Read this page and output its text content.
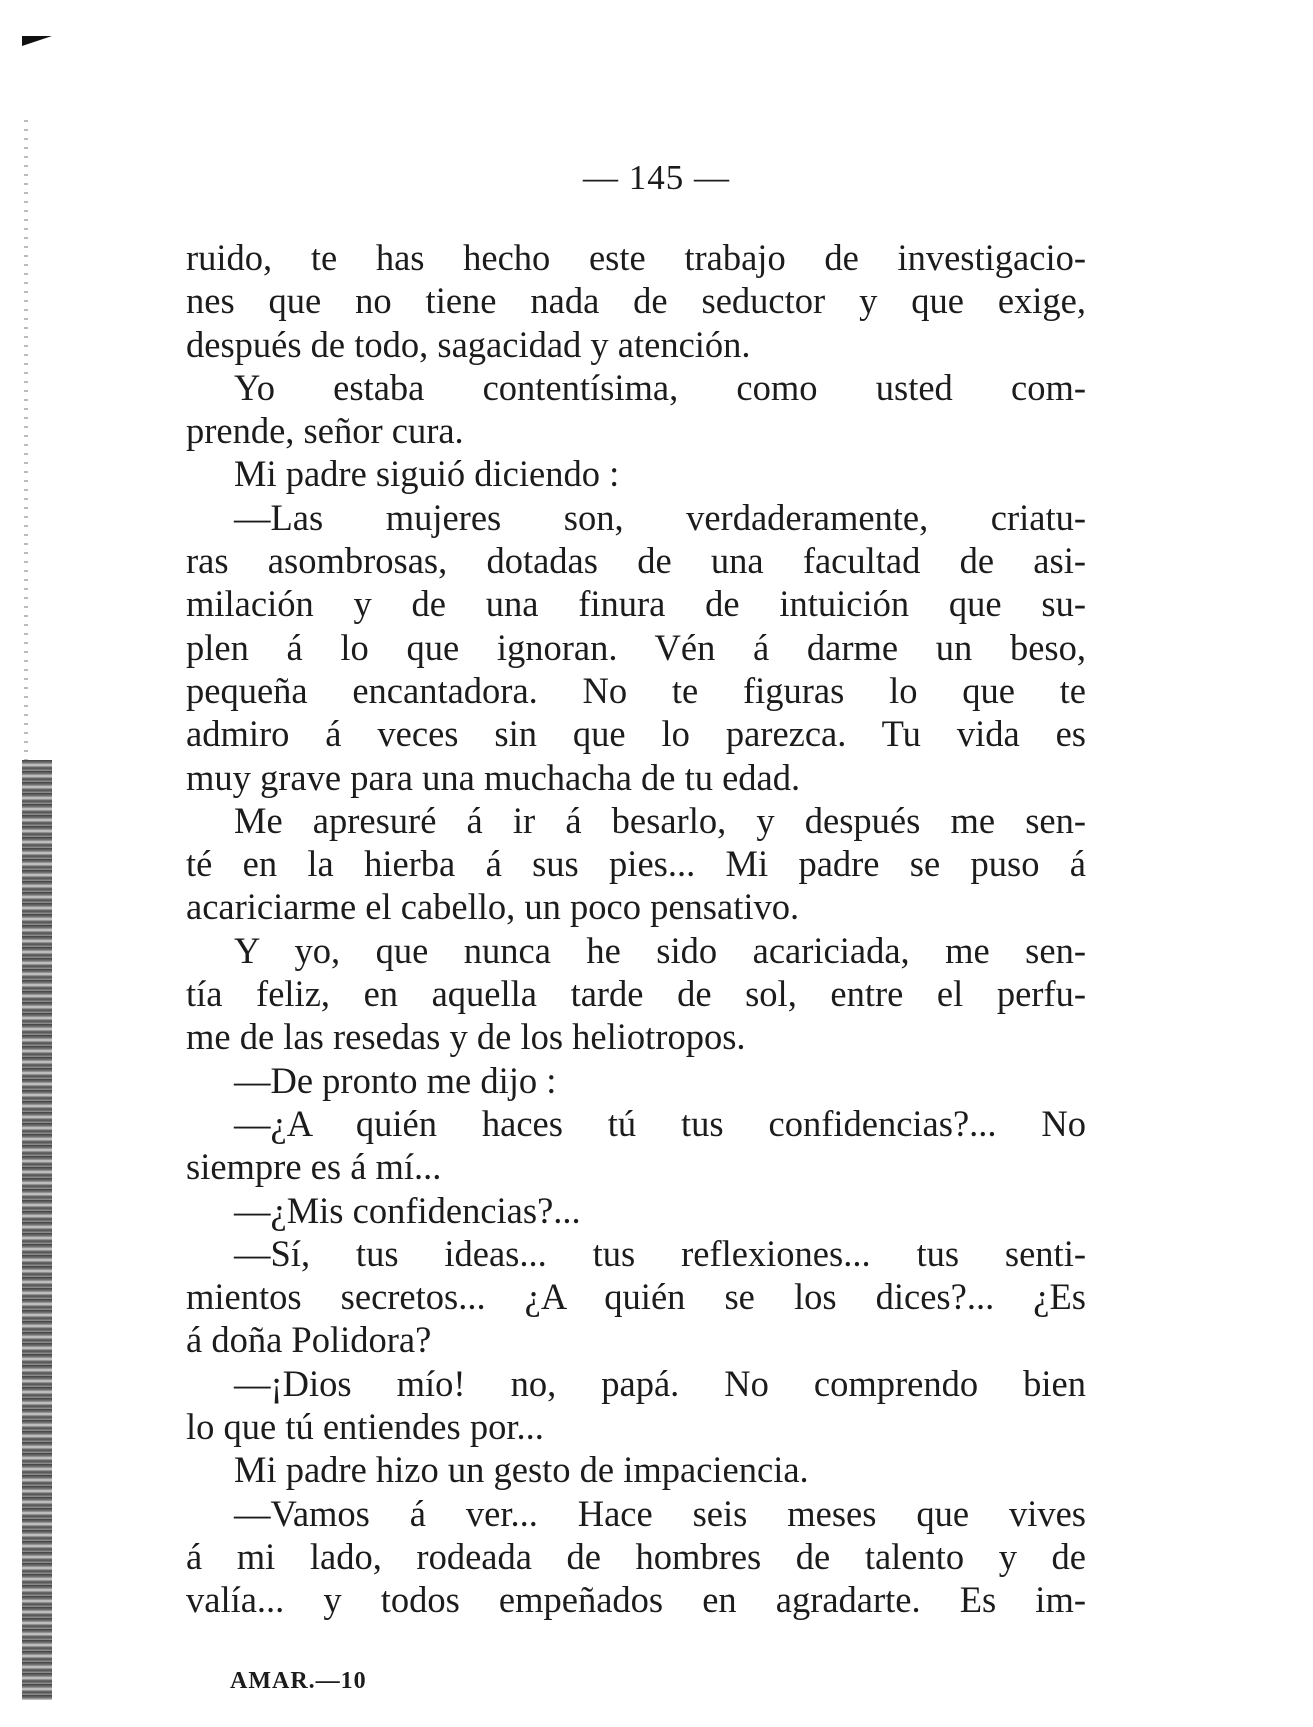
— 145 —
ruido, te has hecho este trabajo de investigacio-
nes que no tiene nada de seductor y que exige,
después de todo, sagacidad y atención.
Yo estaba contentísima, como usted com-
prende, señor cura.
Mi padre siguió diciendo :
—Las mujeres son, verdaderamente, criatu-
ras asombrosas, dotadas de una facultad de asi-
milación y de una finura de intuición que su-
plen á lo que ignoran. Vén á darme un beso,
pequeña encantadora. No te figuras lo que te
admiro á veces sin que lo parezca. Tu vida es
muy grave para una muchacha de tu edad.
Me apresuré á ir á besarlo, y después me sen-
té en la hierba á sus pies... Mi padre se puso á
acariciarme el cabello, un poco pensativo.
Y yo, que nunca he sido acariciada, me sen-
tía feliz, en aquella tarde de sol, entre el perfu-
me de las resedas y de los heliotropos.
—De pronto me dijo :
—¿A quién haces tú tus confidencias?... No
siempre es á mí...
—¿Mis confidencias?...
—Sí, tus ideas... tus reflexiones... tus senti-
mientos secretos... ¿A quién se los dices?... ¿Es
á doña Polidora?
—¡Dios mío! no, papá. No comprendo bien
lo que tú entiendes por...
Mi padre hizo un gesto de impaciencia.
—Vamos á ver... Hace seis meses que vives
á mi lado, rodeada de hombres de talento y de
valía... y todos empeñados en agradarte. Es im-
AMAR.—10
